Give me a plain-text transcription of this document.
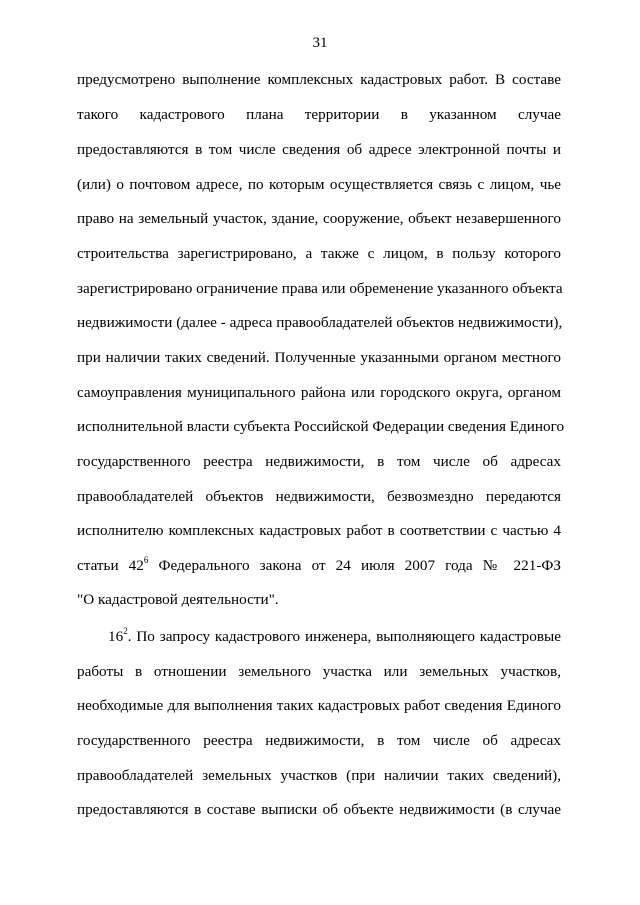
31
предусмотрено выполнение комплексных кадастровых работ. В составе
такого кадастрового плана территории в указанном случае
предоставляются в том числе сведения об адресе электронной почты и
(или) о почтовом адресе, по которым осуществляется связь с лицом, чье
право на земельный участок, здание, сооружение, объект незавершенного
строительства зарегистрировано, а также с лицом, в пользу которого
зарегистрировано ограничение права или обременение указанного объекта
недвижимости (далее - адреса правообладателей объектов недвижимости),
при наличии таких сведений. Полученные указанными органом местного
самоуправления муниципального района или городского округа, органом
исполнительной власти субъекта Российской Федерации сведения Единого
государственного реестра недвижимости, в том числе об адресах
правообладателей объектов недвижимости, безвозмездно передаются
исполнителю комплексных кадастровых работ в соответствии с частью 4
статьи $42^6$ Федерального закона от 24 июля 2007 года № 221-ФЗ
"О кадастровой деятельности".
$16^2$. По запросу кадастрового инженера, выполняющего кадастровые
работы в отношении земельного участка или земельных участков,
необходимые для выполнения таких кадастровых работ сведения Единого
государственного реестра недвижимости, в том числе об адресах
правообладателей земельных участков (при наличии таких сведений),
предоставляются в составе выписки об объекте недвижимости (в случае
